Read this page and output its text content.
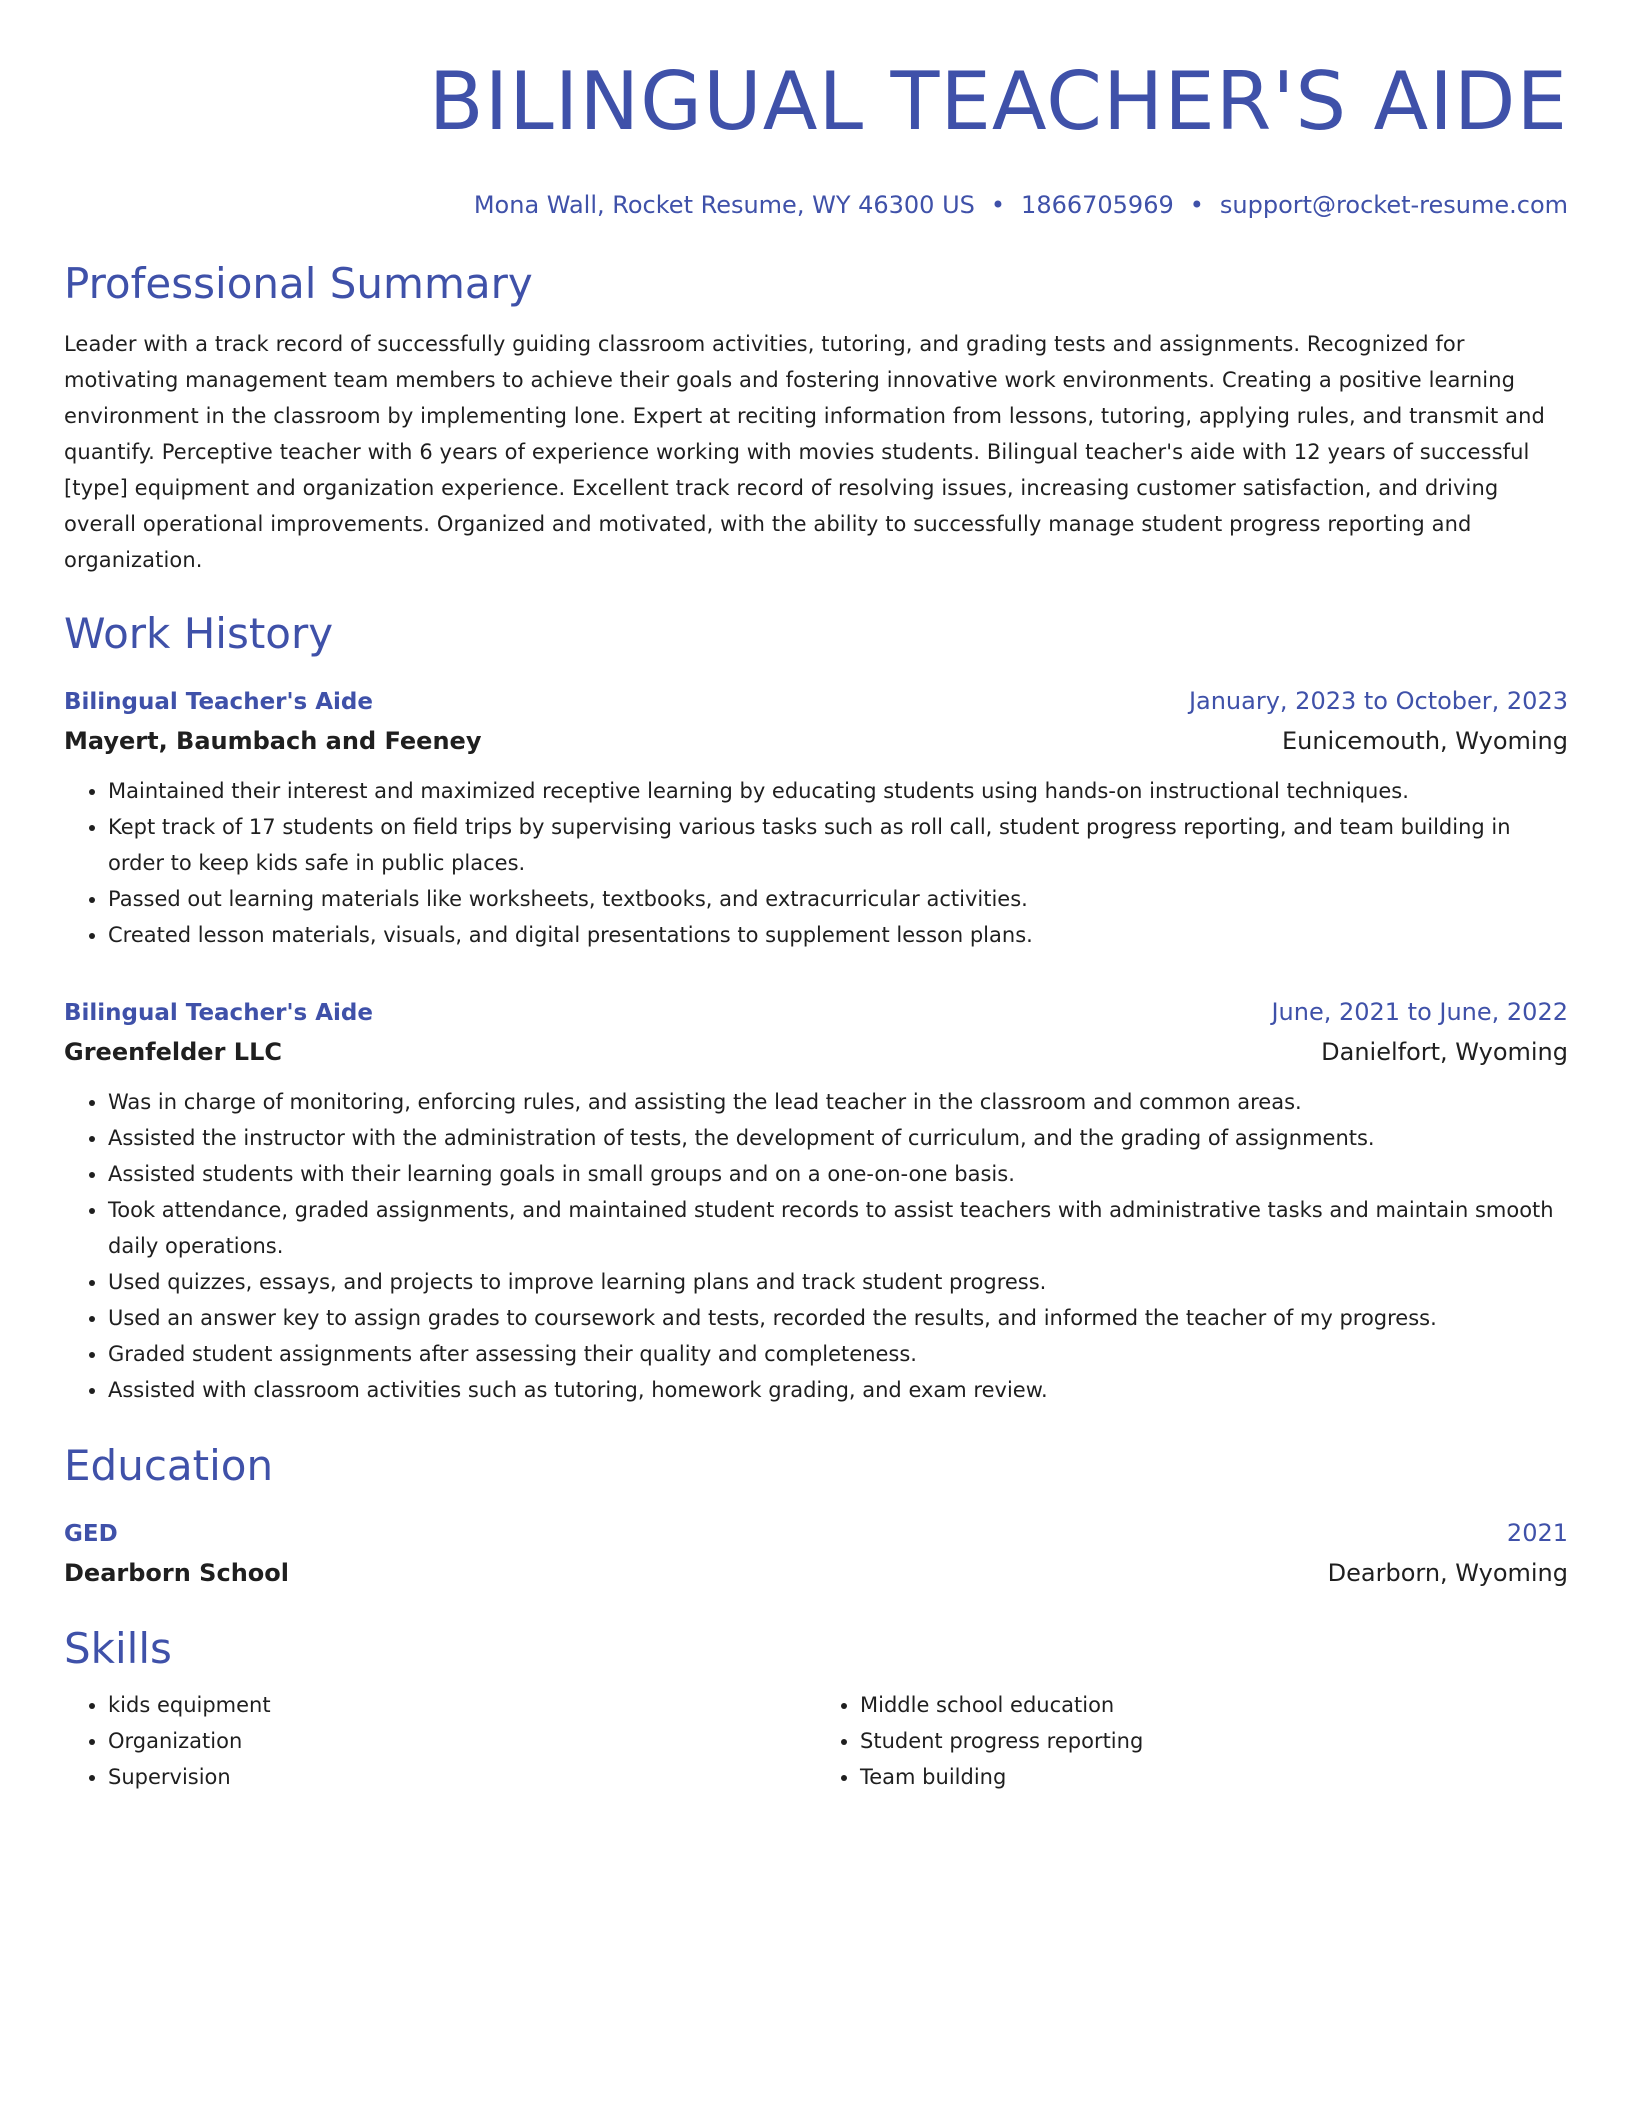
BILINGUAL TEACHER'S AIDE
Mona Wall, Rocket Resume, WY 46300 US • 1866705969 • support@rocket-resume.com
Professional Summary

Leader with a track record of successfully guiding classroom activities, tutoring, and grading tests and assignments. Recognized for motivating management team members to achieve their goals and fostering innovative work environments. Creating a positive learning environment in the classroom by implementing lone. Expert at reciting information from lessons, tutoring, applying rules, and transmit and quantify. Perceptive teacher with 6 years of experience working with movies students. Bilingual teacher's aide with 12 years of successful [type] equipment and organization experience. Excellent track record of resolving issues, increasing customer satisfaction, and driving overall operational improvements. Organized and motivated, with the ability to successfully manage student progress reporting and organization.

Work History
Bilingual Teacher's Aide	January, 2023 to October, 2023
Mayert, Baumbach and Feeney	Eunicemouth, Wyoming
• Maintained their interest and maximized receptive learning by educating students using hands-on instructional techniques.
• Kept track of 17 students on field trips by supervising various tasks such as roll call, student progress reporting, and team building in order to keep kids safe in public places.
• Passed out learning materials like worksheets, textbooks, and extracurricular activities.
• Created lesson materials, visuals, and digital presentations to supplement lesson plans.
Bilingual Teacher's Aide	June, 2021 to June, 2022
Greenfelder LLC	Danielfort, Wyoming
• Was in charge of monitoring, enforcing rules, and assisting the lead teacher in the classroom and common areas.
• Assisted the instructor with the administration of tests, the development of curriculum, and the grading of assignments.
• Assisted students with their learning goals in small groups and on a one-on-one basis.
• Took attendance, graded assignments, and maintained student records to assist teachers with administrative tasks and maintain smooth daily operations.
• Used quizzes, essays, and projects to improve learning plans and track student progress.
• Used an answer key to assign grades to coursework and tests, recorded the results, and informed the teacher of my progress.
• Graded student assignments after assessing their quality and completeness.
• Assisted with classroom activities such as tutoring, homework grading, and exam review.
Education
GED	2021
Dearborn School	Dearborn, Wyoming
Skills
• kids equipment
• Organization
• Supervision
• Middle school education
• Student progress reporting
• Team building
